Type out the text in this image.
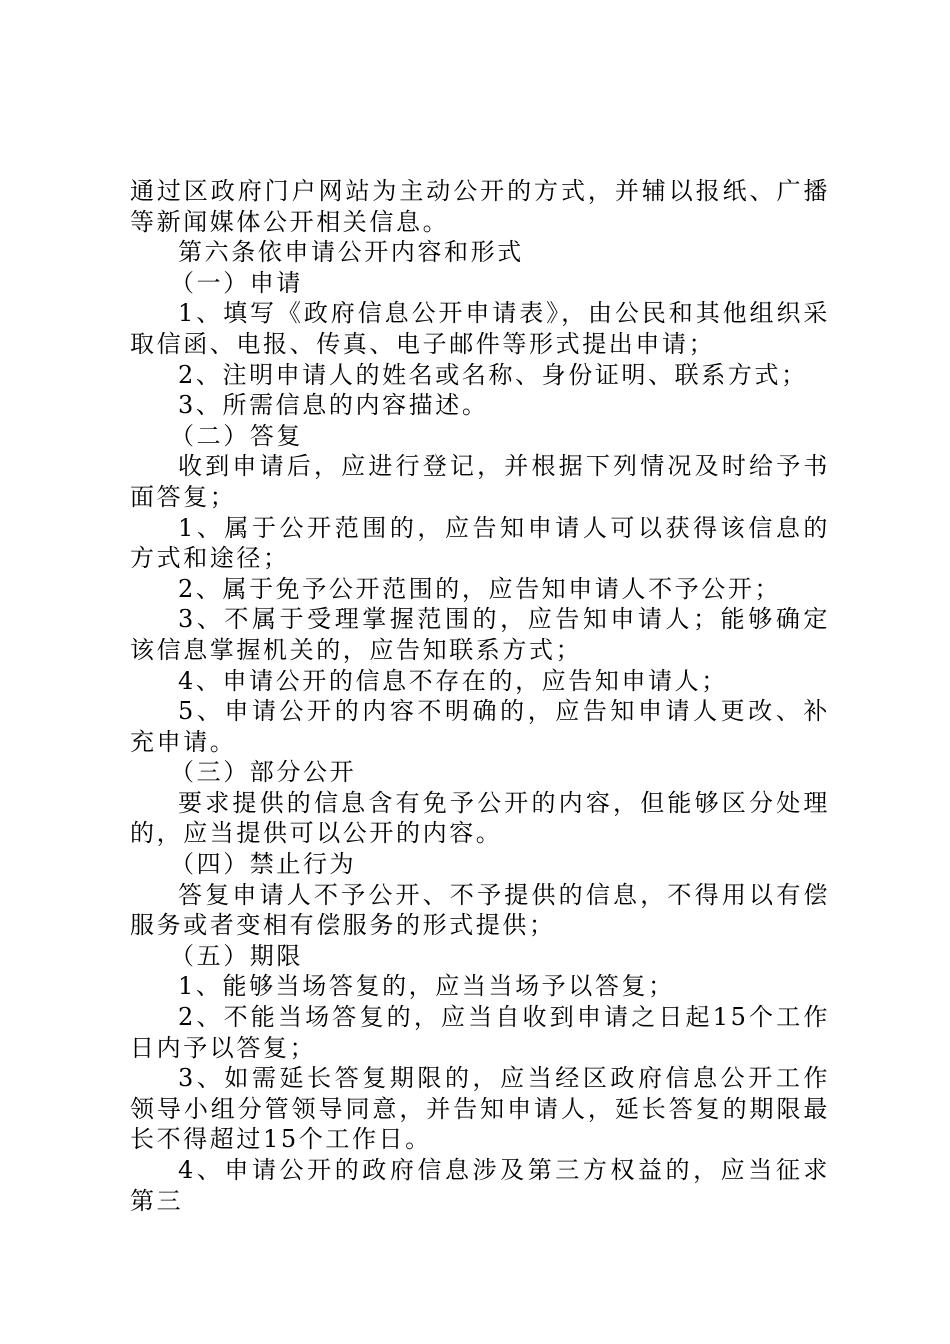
通过区政府门户网站为主动公开的方式，并辅以报纸、广播等新闻媒体公开相关信息。

第六条依申请公开内容和形式

（一）申请

1、填写《政府信息公开申请表》，由公民和其他组织采取信函、电报、传真、电子邮件等形式提出申请；

2、注明申请人的姓名或名称、身份证明、联系方式；

3、所需信息的内容描述。

（二）答复

收到申请后，应进行登记，并根据下列情况及时给予书面答复；

1、属于公开范围的，应告知申请人可以获得该信息的方式和途径；

2、属于免予公开范围的，应告知申请人不予公开；

3、不属于受理掌握范围的，应告知申请人；能够确定该信息掌握机关的，应告知联系方式；

4、申请公开的信息不存在的，应告知申请人；

5、申请公开的内容不明确的，应告知申请人更改、补充申请。

（三）部分公开

要求提供的信息含有免予公开的内容，但能够区分处理的，应当提供可以公开的内容。

（四）禁止行为

答复申请人不予公开、不予提供的信息，不得用以有偿服务或者变相有偿服务的形式提供；

（五）期限

1、能够当场答复的，应当当场予以答复；

2、不能当场答复的，应当自收到申请之日起15个工作日内予以答复；

3、如需延长答复期限的，应当经区政府信息公开工作领导小组分管领导同意，并告知申请人，延长答复的期限最长不得超过15个工作日。

4、申请公开的政府信息涉及第三方权益的，应当征求第三
